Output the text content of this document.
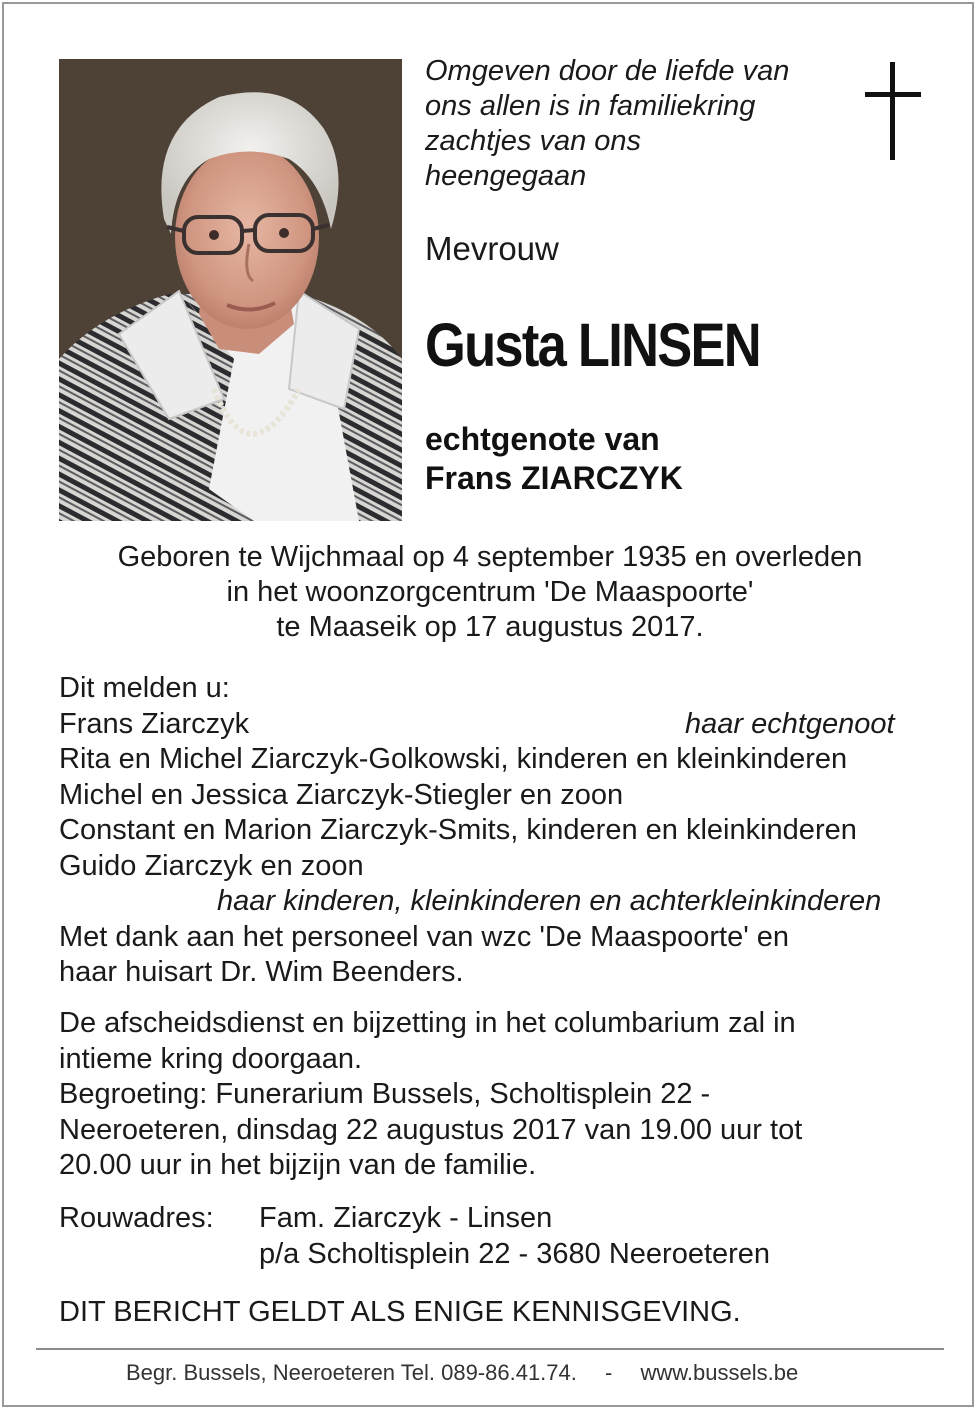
Omgeven door de liefde van
ons allen is in familiekring
zachtjes van ons
heengegaan
Mevrouw
Gusta LINSEN
echtgenote van
Frans ZIARCZYK
Geboren te Wijchmaal op 4 september 1935 en overleden
in het woonzorgcentrum 'De Maaspoorte'
te Maaseik op 17 augustus 2017.
Dit melden u:
Frans Ziarczyk	haar echtgenoot
Rita en Michel Ziarczyk-Golkowski, kinderen en kleinkinderen
Michel en Jessica Ziarczyk-Stiegler en zoon
Constant en Marion Ziarczyk-Smits, kinderen en kleinkinderen
Guido Ziarczyk en zoon
haar kinderen, kleinkinderen en achterkleinkinderen
Met dank aan het personeel van wzc 'De Maaspoorte' en
haar huisart Dr. Wim Beenders.
De afscheidsdienst en bijzetting in het columbarium zal in
intieme kring doorgaan.
Begroeting: Funerarium Bussels, Scholtisplein 22 -
Neeroeteren, dinsdag 22 augustus 2017 van 19.00 uur tot
20.00 uur in het bijzijn van de familie.
Rouwadres: Fam. Ziarczyk - Linsen
p/a Scholtisplein 22 - 3680 Neeroeteren
DIT BERICHT GELDT ALS ENIGE KENNISGEVING.
Begr. Bussels, Neeroeteren Tel. 089-86.41.74. - www.bussels.be
